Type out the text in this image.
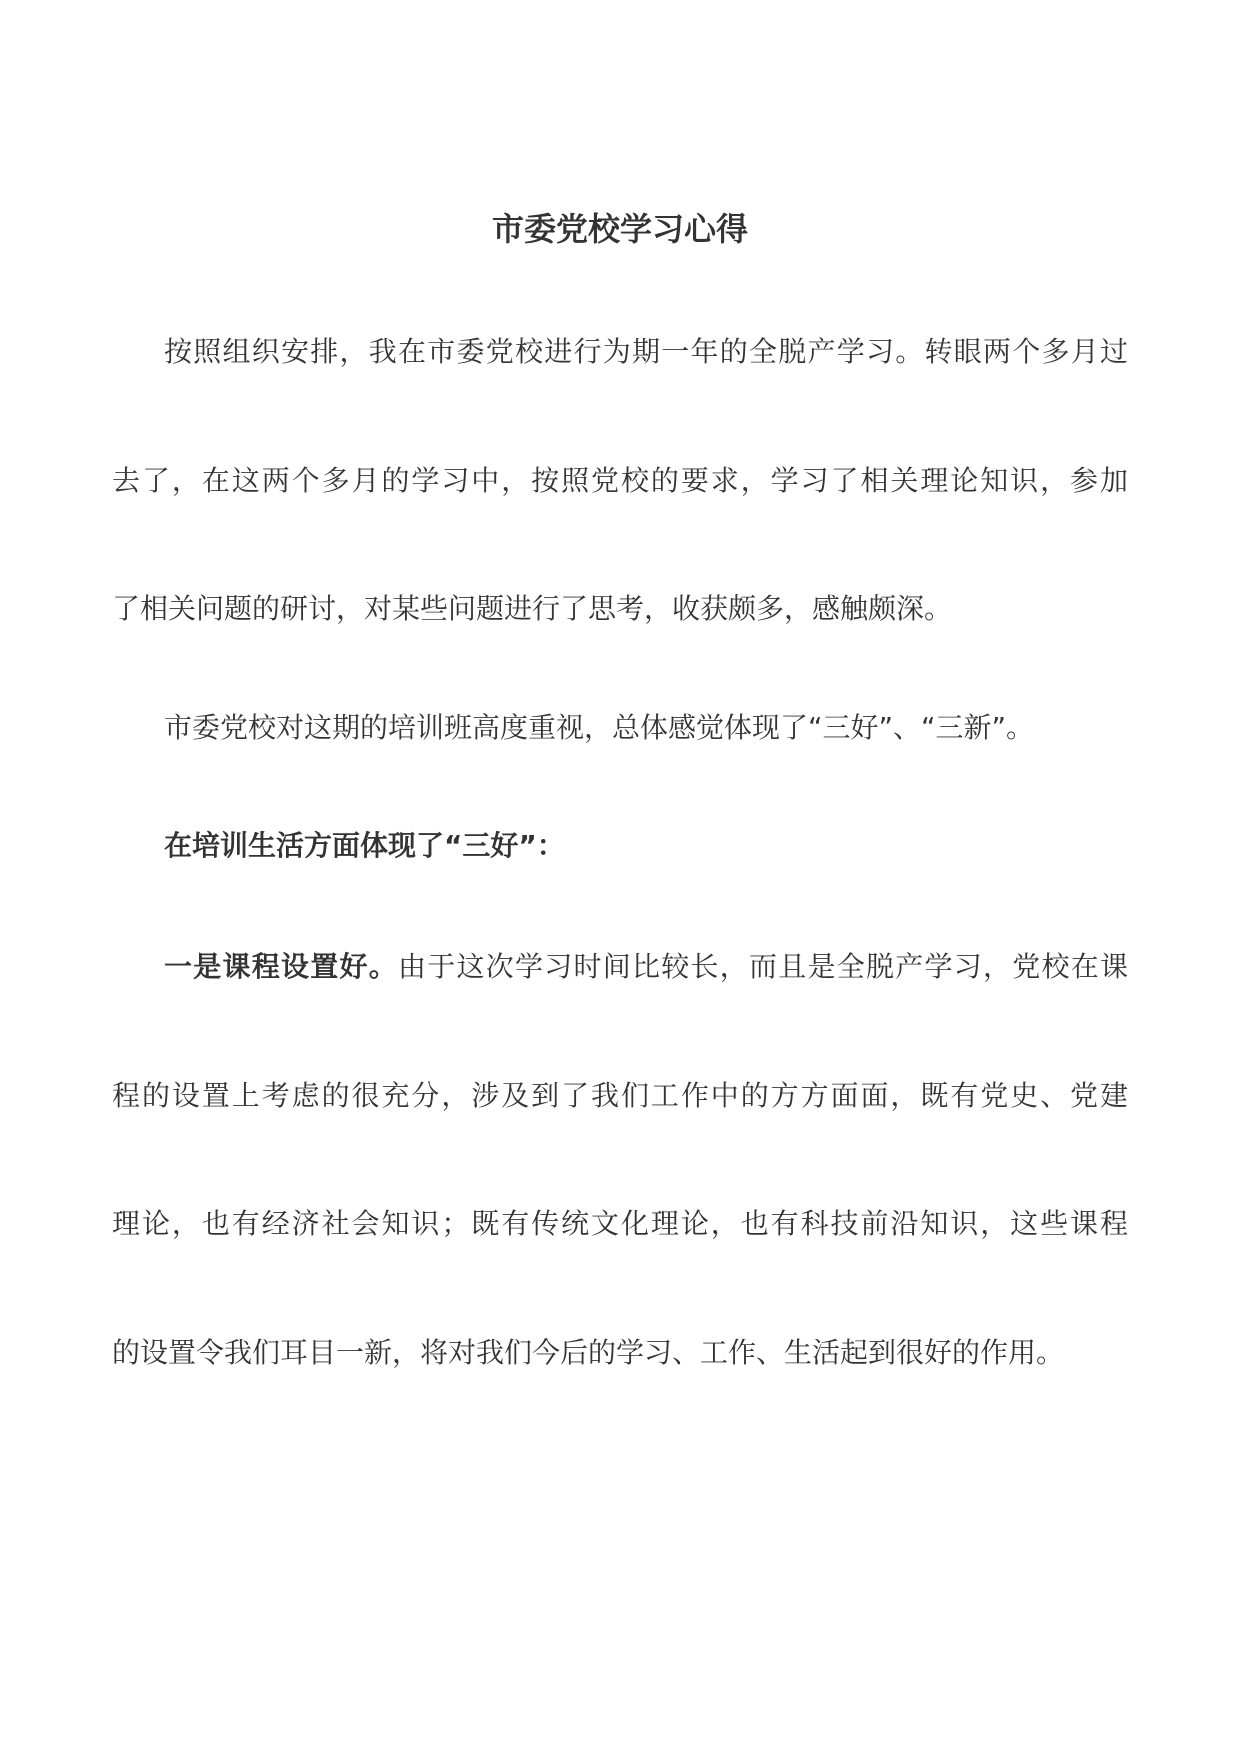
市委党校学习心得
按照组织安排，我在市委党校进行为期一年的全脱产学习。转眼两个多月过
去了，在这两个多月的学习中，按照党校的要求，学习了相关理论知识，参加
了相关问题的研讨，对某些问题进行了思考，收获颇多，感触颇深。
市委党校对这期的培训班高度重视，总体感觉体现了“三好”、“三新”。
在培训生活方面体现了“三好”：
一是课程设置好。由于这次学习时间比较长，而且是全脱产学习，党校在课
程的设置上考虑的很充分，涉及到了我们工作中的方方面面，既有党史、党建
理论，也有经济社会知识；既有传统文化理论，也有科技前沿知识，这些课程
的设置令我们耳目一新，将对我们今后的学习、工作、生活起到很好的作用。
